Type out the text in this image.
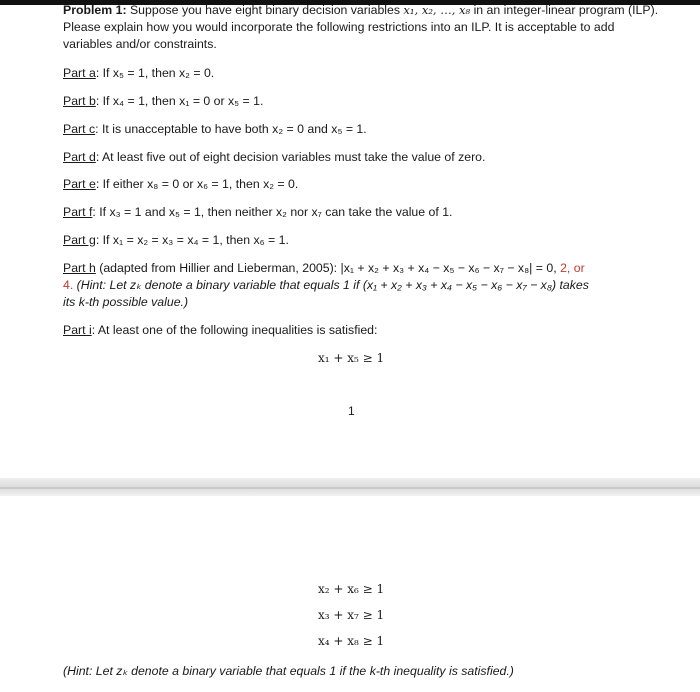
Problem 1: Suppose you have eight binary decision variables x₁, x₂, …, x₈ in an integer-linear program (ILP). Please explain how you would incorporate the following restrictions into an ILP. It is acceptable to add variables and/or constraints.

Part a: If x₅ = 1, then x₂ = 0.
Part b: If x₄ = 1, then x₁ = 0 or x₅ = 1.
Part c: It is unacceptable to have both x₂ = 0 and x₅ = 1.
Part d: At least five out of eight decision variables must take the value of zero.
Part e: If either x₈ = 0 or x₆ = 1, then x₂ = 0.
Part f: If x₃ = 1 and x₅ = 1, then neither x₂ nor x₇ can take the value of 1.
Part g: If x₁ = x₂ = x₃ = x₄ = 1, then x₆ = 1.
Part h (adapted from Hillier and Lieberman, 2005): |x₁ + x₂ + x₃ + x₄ − x₅ − x₆ − x₇ − x₈| = 0, 2, or
4. (Hint: Let zₖ denote a binary variable that equals 1 if (x₁ + x₂ + x₃ + x₄ − x₅ − x₆ − x₇ − x₈) takes
its k-th possible value.)
Part i: At least one of the following inequalities is satisfied:
x₁ + x₅ ≥ 1
1
x₂ + x₆ ≥ 1
x₃ + x₇ ≥ 1
x₄ + x₈ ≥ 1
(Hint: Let zₖ denote a binary variable that equals 1 if the k-th inequality is satisfied.)
